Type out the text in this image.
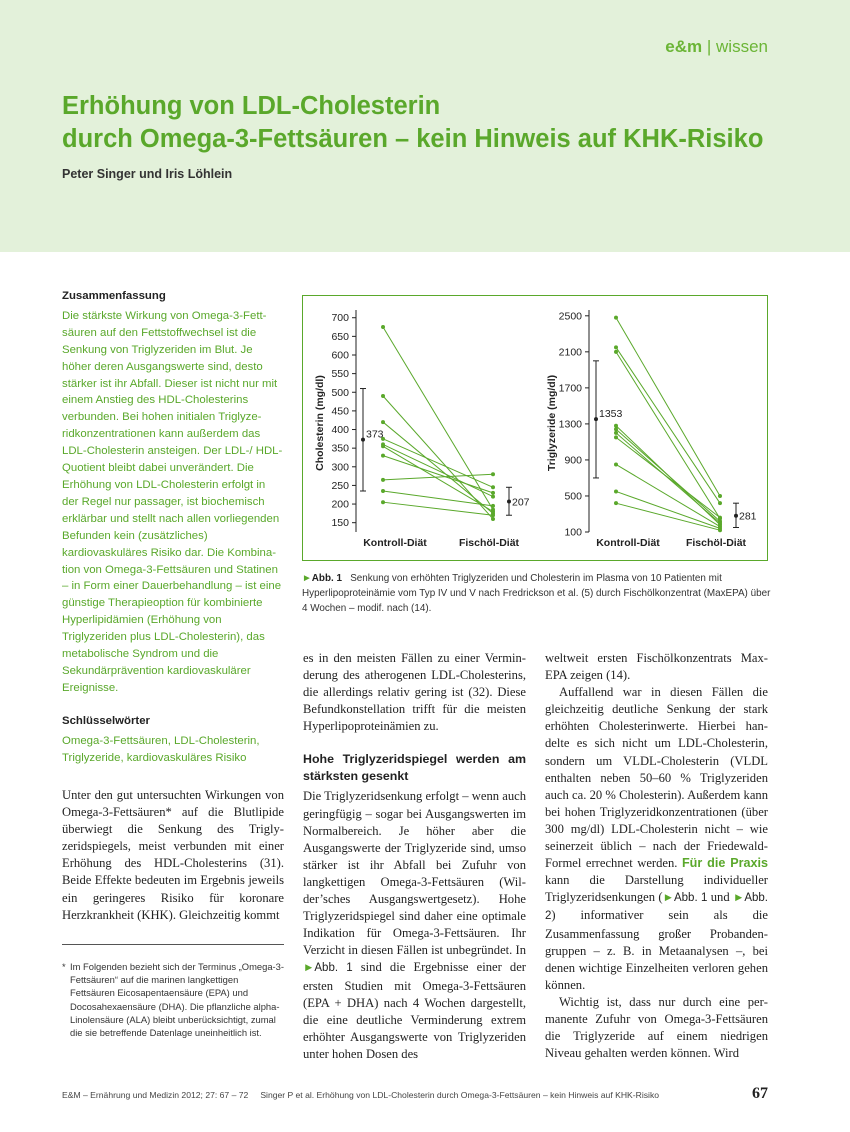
e&m | wissen
Erhöhung von LDL-Cholesterin
durch Omega-3-Fettsäuren – kein Hinweis auf KHK-Risiko
Peter Singer und Iris Löhlein
Zusammenfassung
Die stärkste Wirkung von Omega-3-Fettsäuren auf den Fettstoffwechsel ist die Senkung von Triglyzeriden im Blut. Je höher deren Ausgangswerte sind, desto stärker ist ihr Abfall. Dieser ist nicht nur mit einem Anstieg des HDL-Cholesterins verbunden. Bei hohen initialen Triglyzeridkonzentrationen kann außerdem das LDL-Cholesterin ansteigen. Der LDL-/ HDL-Quotient bleibt dabei unverändert. Die Erhöhung von LDL-Cholesterin erfolgt in der Regel nur passager, ist biochemisch erklärbar und stellt nach allen vorliegenden Befunden kein (zusätzliches) kardiovaskuläres Risiko dar. Die Kombination von Omega-3-Fettsäuren und Statinen – in Form einer Dauerbehandlung – ist eine günstige Therapieoption für kombinierte Hyperlipidämien (Erhöhung von Triglyzeriden plus LDL-Cholesterin), das metabolische Syndrom und die Sekundärprävention kardiovaskulärer Ereignisse.
Schlüsselwörter
Omega-3-Fettsäuren, LDL-Cholesterin, Triglyzeride, kardiovaskuläres Risiko
Unter den gut untersuchten Wirkungen von Omega-3-Fettsäuren* auf die Blutlipide überwiegt die Senkung des Triglyzeridspiegels, meist verbunden mit einer Erhöhung des HDL-Cholesterins (31). Beide Effekte bedeuten im Ergebnis jeweils ein geringeres Risiko für koronare Herzkrankheit (KHK). Gleichzeitig kommt
* Im Folgenden bezieht sich der Terminus „Omega-3-Fettsäuren“ auf die marinen langkettigen Fettsäuren Eicosapentaensäure (EPA) und Docosahexaensäure (DHA). Die pflanzliche alpha-Linolensäure (ALA) bleibt unberücksichtigt, zumal die sie betreffende Datenlage uneinheitlich ist.
150
200
250
300
350
400
450
500
550
600
650
700
Cholesterin (mg/dl)
Kontroll-Diät	Fischöl-Diät
373
207
100
500
900
1300
1700
2100
2500
Triglyzeride (mg/dl)
Kontroll-Diät Fischöl-Diät
1353
281
►Abb. 1 Senkung von erhöhten Triglyzeriden und Cholesterin im Plasma von 10 Patienten mit Hyperlipoproteinämie vom Typ IV und V nach Fredrickson et al. (5) durch Fischölkonzentrat (MaxEPA) über 4 Wochen – modif. nach (14).
es in den meisten Fällen zu einer Verminderung des atherogenen LDL-Cholesterins, die allerdings relativ gering ist (32). Diese Befundkonstellation trifft für die meisten Hyperlipoproteinämien zu.
Hohe Triglyzeridspiegel werden am stärksten gesenkt
Die Triglyzeridsenkung erfolgt – wenn auch geringfügig – sogar bei Ausgangswerten im Normalbereich. Je höher aber die Ausgangswerte der Triglyzeride sind, umso stärker ist ihr Abfall bei Zufuhr von langkettigen Omega-3-Fettsäuren (Wilder’sches Ausgangswertgesetz). Hohe Triglyzeridspiegel sind daher eine optimale Indikation für Omega-3-Fettsäuren. Ihr Verzicht in diesen Fällen ist unbegründet. In ►Abb. 1 sind die Ergebnisse einer der ersten Studien mit Omega-3-Fettsäuren (EPA + DHA) nach 4 Wochen dargestellt, die eine deutliche Verminderung extrem erhöhter Ausgangswerte von Triglyzeriden unter hohen Dosen des
weltweit ersten Fischölkonzentrats MaxEPA zeigen (14).
Auffallend war in diesen Fällen die gleichzeitig deutliche Senkung der stark erhöhten Cholesterinwerte. Hierbei handelte es sich nicht um LDL-Cholesterin, sondern um VLDL-Cholesterin (VLDL enthalten neben 50–60 % Triglyzeriden auch ca. 20 % Cholesterin). Außerdem kann bei hohen Triglyzeridkonzentrationen (über 300 mg/dl) LDL-Cholesterin nicht – wie seinerzeit üblich – nach der Friedewald-Formel errechnet werden. Für die Praxis kann die Darstellung individueller Triglyzeridsenkungen (►Abb. 1 und ►Abb. 2) informativer sein als die Zusammenfassung großer Probandengruppen – z. B. in Metaanalysen –, bei denen wichtige Einzelheiten verloren gehen können.
Wichtig ist, dass nur durch eine permanente Zufuhr von Omega-3-Fettsäuren die Triglyzeride auf einem niedrigen Niveau gehalten werden können. Wird
E&M – Ernährung und Medizin 2012; 27: 67 – 72 Singer P et al. Erhöhung von LDL-Cholesterin durch Omega-3-Fettsäuren – kein Hinweis auf KHK-Risiko	67
